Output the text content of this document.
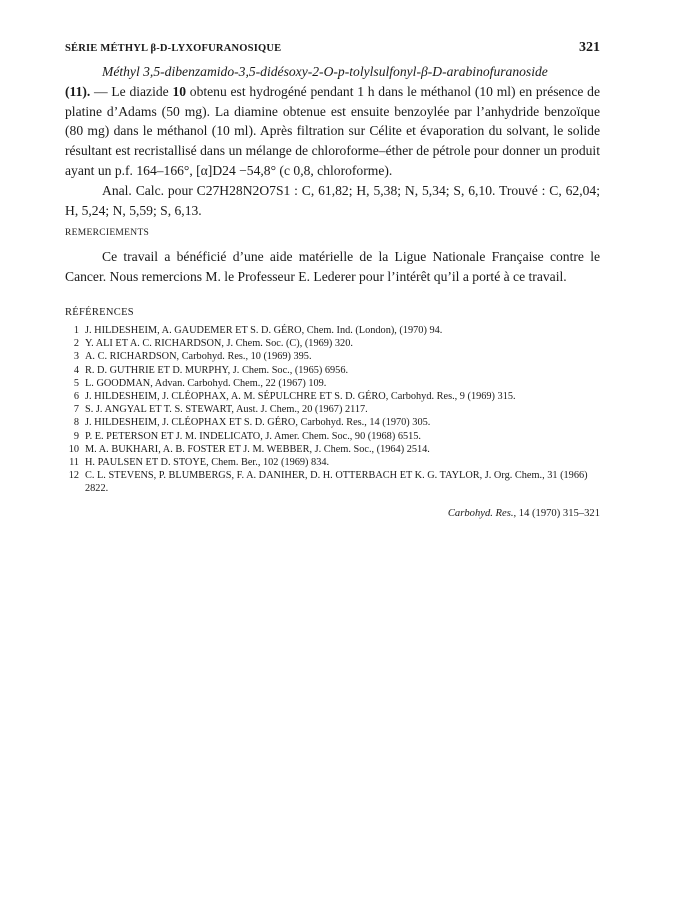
SÉRIE MÉTHYL β-D-LYXOFURANOSIQUE	321

Méthyl 3,5-dibenzamido-3,5-didésoxy-2-O-p-tolylsulfonyl-β-D-arabinofuranoside
(11). — Le diazide 10 obtenu est hydrogéné pendant 1 h dans le méthanol (10 ml) en présence de platine d’Adams (50 mg). La diamine obtenue est ensuite benzoylée par l’anhydride benzoïque (80 mg) dans le méthanol (10 ml). Après filtration sur Célite et évaporation du solvant, le solide résultant est recristallisé dans un mélange de chloroforme–éther de pétrole pour donner un produit ayant un p.f. 164–166°, [α]D24 −54,8° (c 0,8, chloroforme).

Anal. Calc. pour C27H28N2O7S1 : C, 61,82; H, 5,38; N, 5,34; S, 6,10. Trouvé : C, 62,04; H, 5,24; N, 5,59; S, 6,13.

REMERCIEMENTS

Ce travail a bénéficié d’une aide matérielle de la Ligue Nationale Française contre le Cancer. Nous remercions M. le Professeur E. Lederer pour l’intérêt qu’il a porté à ce travail.

RÉFÉRENCES
1 J. HILDESHEIM, A. GAUDEMER ET S. D. GÉRO, Chem. Ind. (London), (1970) 94.
2 Y. ALI ET A. C. RICHARDSON, J. Chem. Soc. (C), (1969) 320.
3 A. C. RICHARDSON, Carbohyd. Res., 10 (1969) 395.
4 R. D. GUTHRIE ET D. MURPHY, J. Chem. Soc., (1965) 6956.
5 L. GOODMAN, Advan. Carbohyd. Chem., 22 (1967) 109.
6 J. HILDESHEIM, J. CLÉOPHAX, A. M. SÉPULCHRE ET S. D. GÉRO, Carbohyd. Res., 9 (1969) 315.
7 S. J. ANGYAL ET T. S. STEWART, Aust. J. Chem., 20 (1967) 2117.
8 J. HILDESHEIM, J. CLÉOPHAX ET S. D. GÉRO, Carbohyd. Res., 14 (1970) 305.
9 P. E. PETERSON ET J. M. INDELICATO, J. Amer. Chem. Soc., 90 (1968) 6515.
10 M. A. BUKHARI, A. B. FOSTER ET J. M. WEBBER, J. Chem. Soc., (1964) 2514.
11 H. PAULSEN ET D. STOYE, Chem. Ber., 102 (1969) 834.
12 C. L. STEVENS, P. BLUMBERGS, F. A. DANIHER, D. H. OTTERBACH ET K. G. TAYLOR, J. Org. Chem., 31 (1966) 2822.
Carbohyd. Res., 14 (1970) 315–321
